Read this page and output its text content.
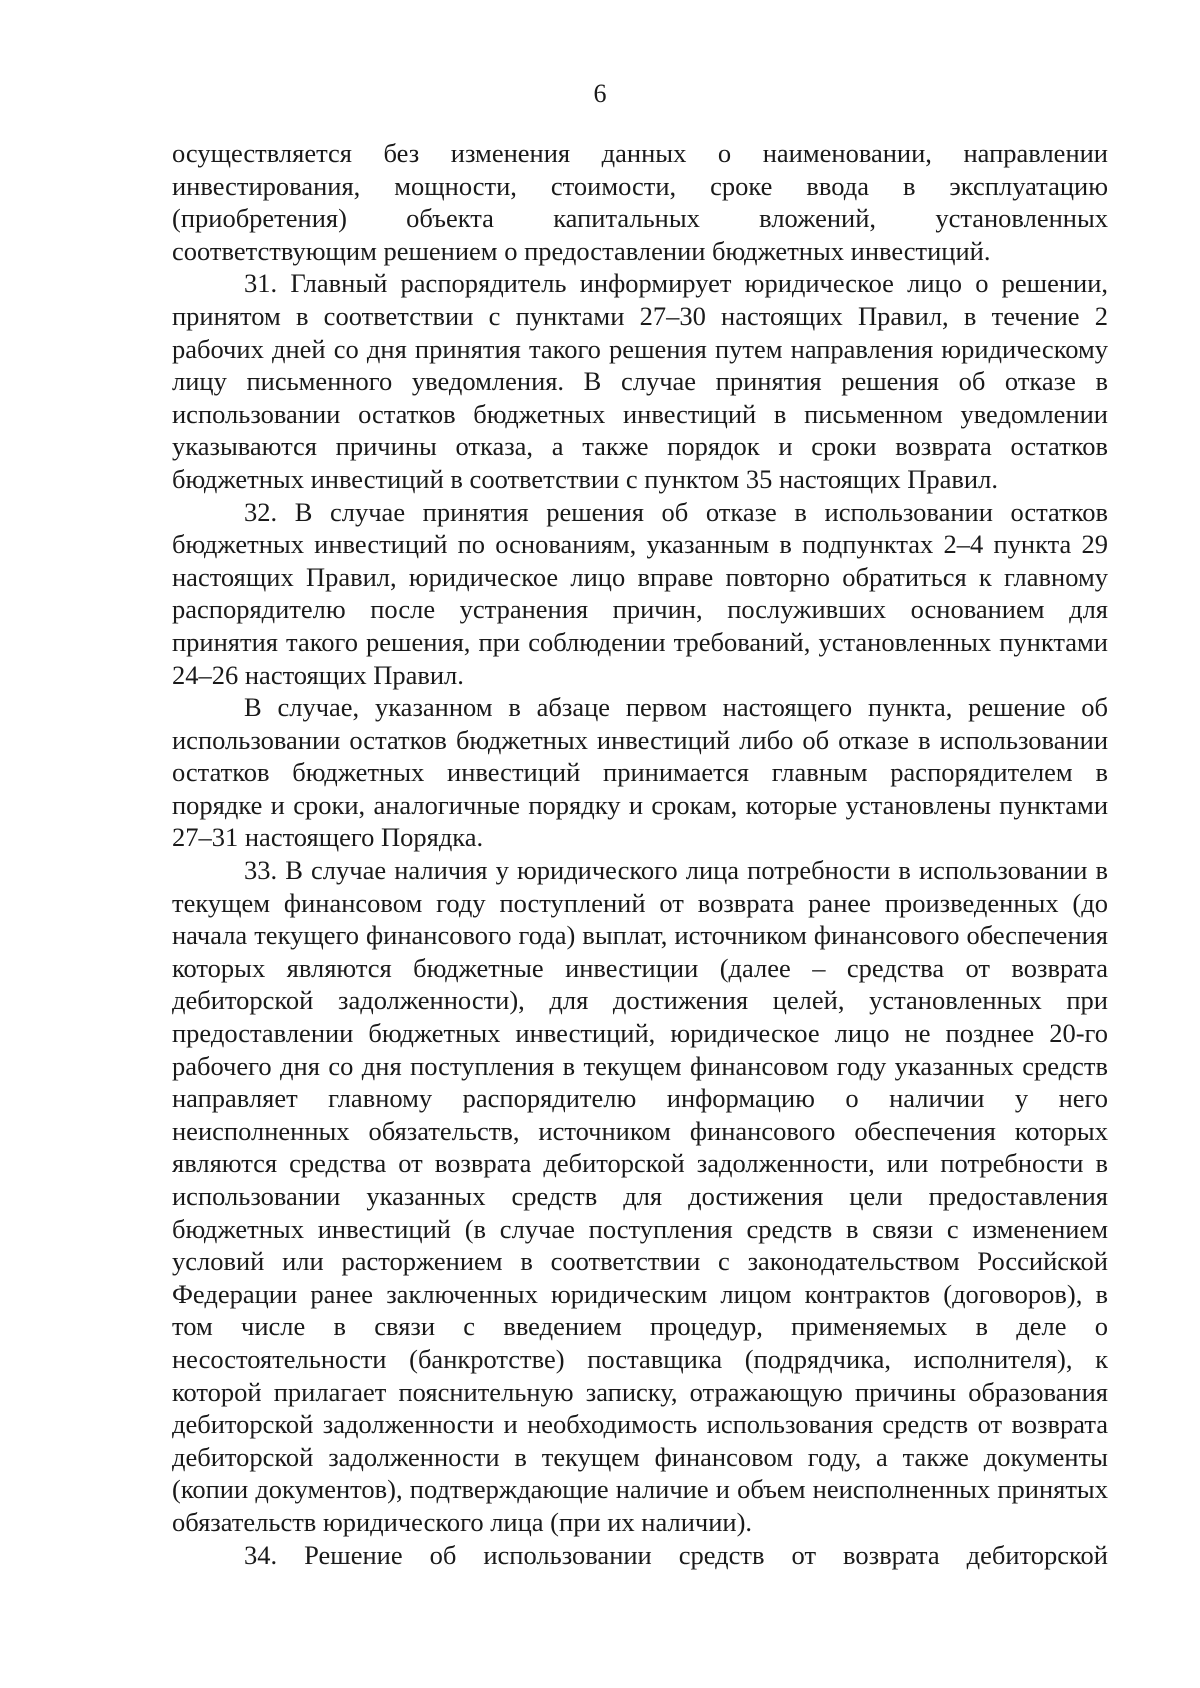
6

осуществляется без изменения данных о наименовании, направлении инвестирования, мощности, стоимости, сроке ввода в эксплуатацию (приобретения) объекта капитальных вложений, установленных соответствующим решением о предоставлении бюджетных инвестиций.

31. Главный распорядитель информирует юридическое лицо о решении, принятом в соответствии с пунктами 27–30 настоящих Правил, в течение 2 рабочих дней со дня принятия такого решения путем направления юридическому лицу письменного уведомления. В случае принятия решения об отказе в использовании остатков бюджетных инвестиций в письменном уведомлении указываются причины отказа, а также порядок и сроки возврата остатков бюджетных инвестиций в соответствии с пунктом 35 настоящих Правил.

32. В случае принятия решения об отказе в использовании остатков бюджетных инвестиций по основаниям, указанным в подпунктах 2–4 пункта 29 настоящих Правил, юридическое лицо вправе повторно обратиться к главному распорядителю после устранения причин, послуживших основанием для принятия такого решения, при соблюдении требований, установленных пунктами 24–26 настоящих Правил.

В случае, указанном в абзаце первом настоящего пункта, решение об использовании остатков бюджетных инвестиций либо об отказе в использовании остатков бюджетных инвестиций принимается главным распорядителем в порядке и сроки, аналогичные порядку и срокам, которые установлены пунктами 27–31 настоящего Порядка.

33. В случае наличия у юридического лица потребности в использовании в текущем финансовом году поступлений от возврата ранее произведенных (до начала текущего финансового года) выплат, источником финансового обеспечения которых являются бюджетные инвестиции (далее – средства от возврата дебиторской задолженности), для достижения целей, установленных при предоставлении бюджетных инвестиций, юридическое лицо не позднее 20-го рабочего дня со дня поступления в текущем финансовом году указанных средств направляет главному распорядителю информацию о наличии у него неисполненных обязательств, источником финансового обеспечения которых являются средства от возврата дебиторской задолженности, или потребности в использовании указанных средств для достижения цели предоставления бюджетных инвестиций (в случае поступления средств в связи с изменением условий или расторжением в соответствии с законодательством Российской Федерации ранее заключенных юридическим лицом контрактов (договоров), в том числе в связи с введением процедур, применяемых в деле о несостоятельности (банкротстве) поставщика (подрядчика, исполнителя), к которой прилагает пояснительную записку, отражающую причины образования дебиторской задолженности и необходимость использования средств от возврата дебиторской задолженности в текущем финансовом году, а также документы (копии документов), подтверждающие наличие и объем неисполненных принятых обязательств юридического лица (при их наличии).

34. Решение об использовании средств от возврата дебиторской
